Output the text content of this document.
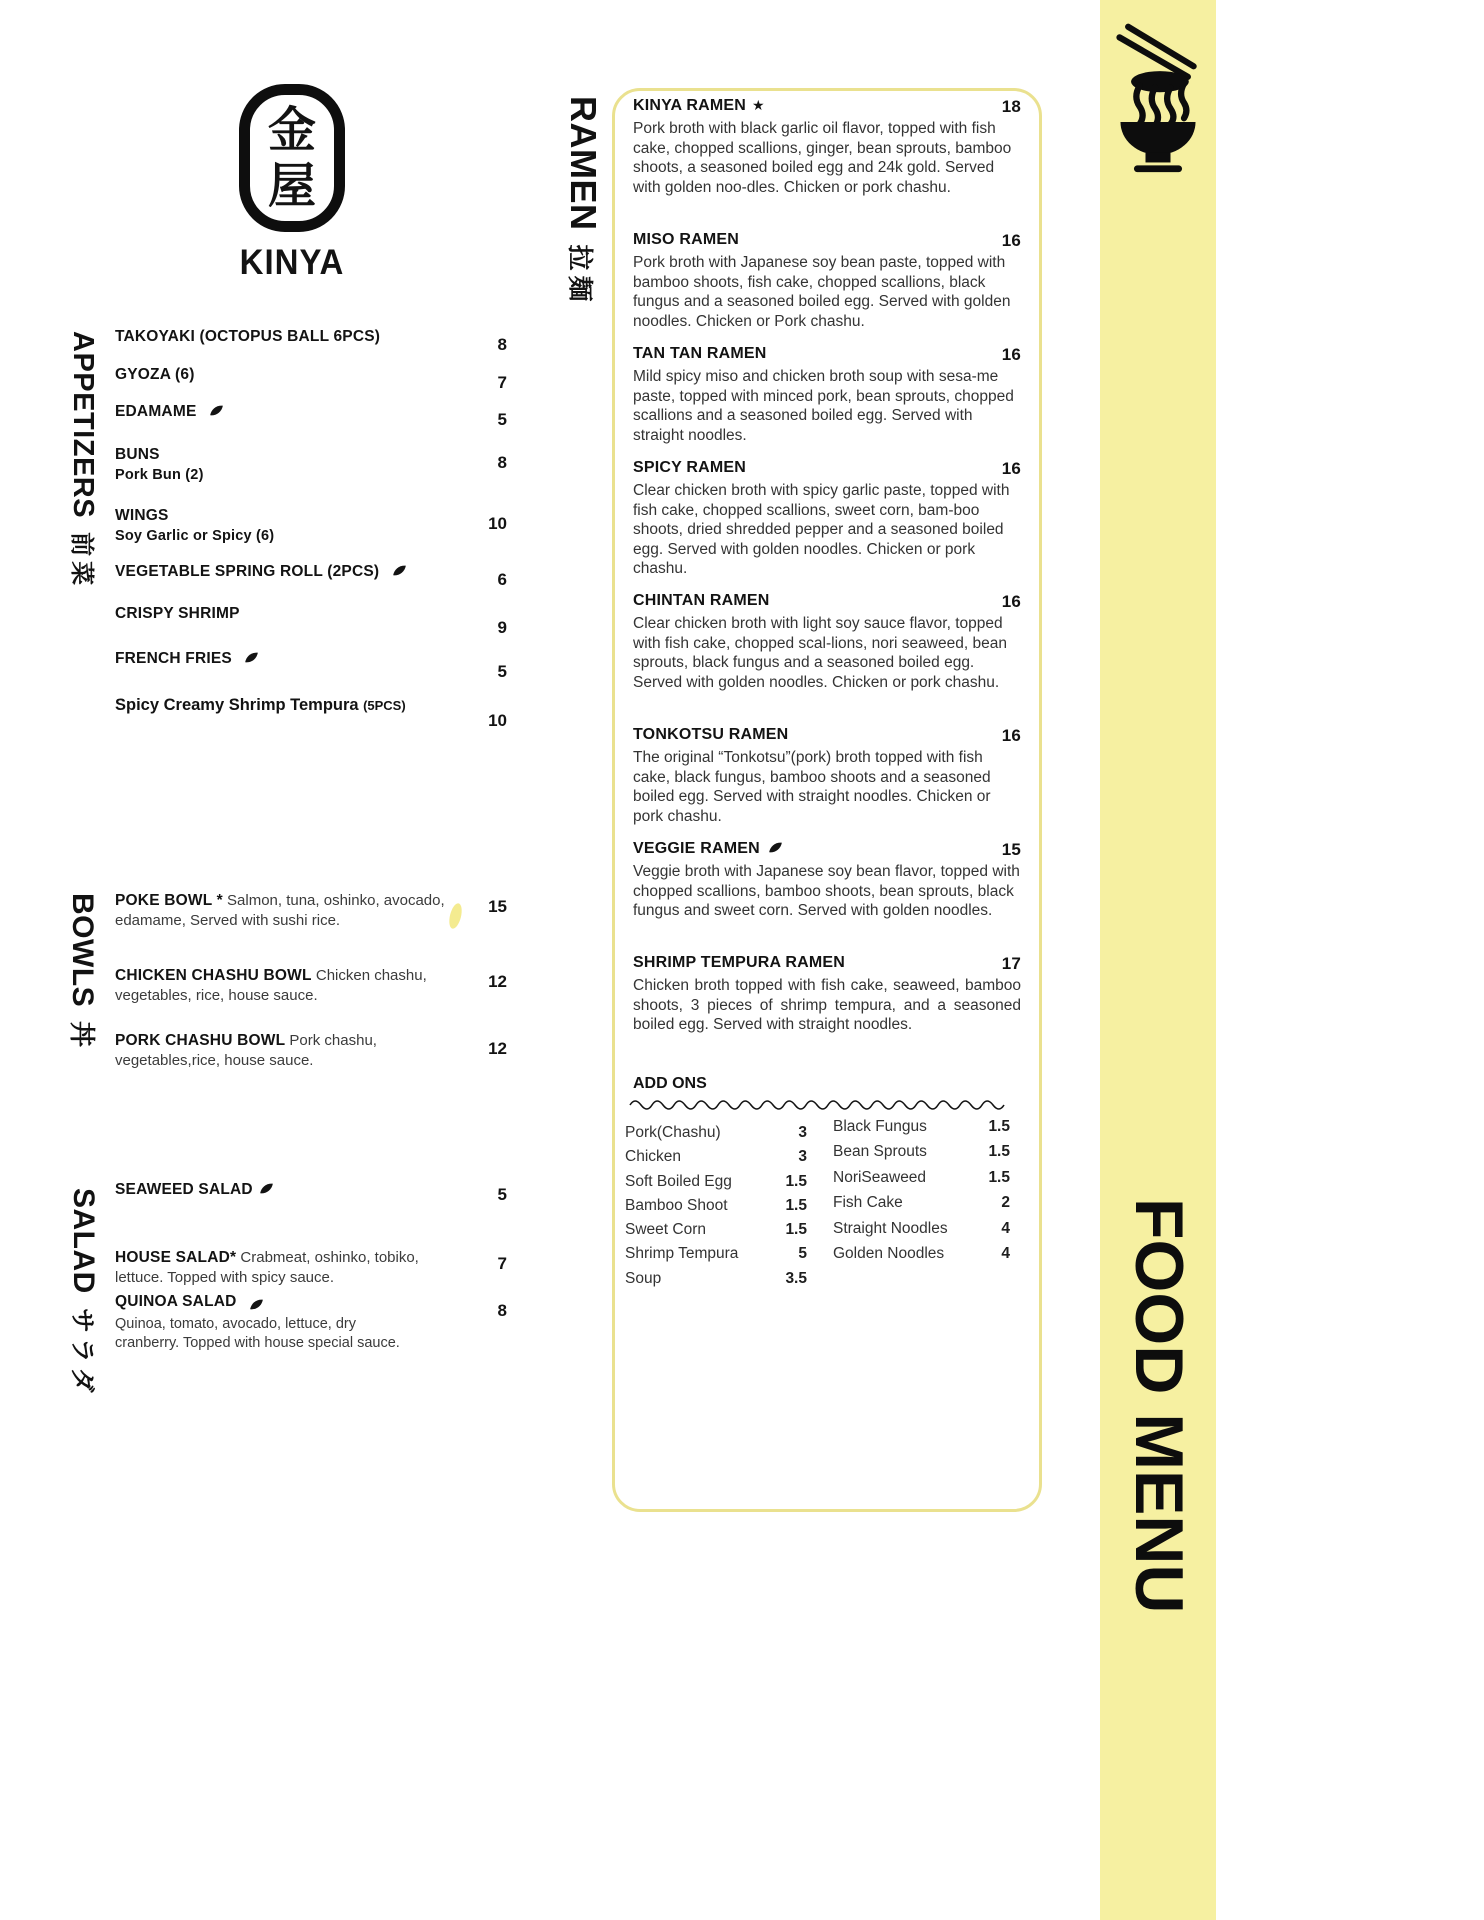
金
屋
KINYA
APPETIZERS前菜
BOWLS丼
SALADサラダ
RAMEN拉麺
TAKOYAKI (OCTOPUS BALL 6PCS)	8
GYOZA (6)	7
EDAMAME	5
BUNS
Pork Bun (2)
8
WINGS
Soy Garlic or Spicy (6)
10
VEGETABLE SPRING ROLL (2PCS)	6
CRISPY SHRIMP
9
FRENCH FRIES
5
Spicy Creamy Shrimp Tempura (5PCS)
10

POKE BOWL * Salmon, tuna, oshinko, avocado, edamame, Served with sushi rice.

15

CHICKEN CHASHU BOWL Chicken chashu, vegetables, rice, house sauce.

12

PORK CHASHU BOWL Pork chashu, vegetables,rice, house sauce.

12
SEAWEED SALAD	5

HOUSE SALAD* Crabmeat, oshinko, tobiko, lettuce. Topped with spicy sauce.

7
QUINOA SALAD
Quinoa, tomato, avocado, lettuce, dry cranberry. Topped with house special sauce.
8
KINYA RAMEN ★	18

Pork broth with black garlic oil flavor, topped with fish cake, chopped scallions, ginger, bean sprouts, bamboo shoots, a seasoned boiled egg and 24k gold. Served with golden noo-dles. Chicken or pork chashu.

MISO RAMEN	16

Pork broth with Japanese soy bean paste, topped with bamboo shoots, fish cake, chopped scallions, black fungus and a seasoned boiled egg. Served with golden noodles. Chicken or Pork chashu.

TAN TAN RAMEN	16

Mild spicy miso and chicken broth soup with sesa-me paste, topped with minced pork, bean sprouts, chopped scallions and a seasoned boiled egg. Served with straight noodles.

SPICY RAMEN	16

Clear chicken broth with spicy garlic paste, topped with fish cake, chopped scallions, sweet corn, bam-boo shoots, dried shredded pepper and a seasoned boiled egg. Served with golden noodles. Chicken or pork chashu.

CHINTAN RAMEN	16

Clear chicken broth with light soy sauce flavor, topped with fish cake, chopped scal-lions, nori seaweed, bean sprouts, black fungus and a seasoned boiled egg. Served with golden noodles. Chicken or pork chashu.

TONKOTSU RAMEN	16

The original “Tonkotsu”(pork) broth topped with fish cake, black fungus, bamboo shoots and a seasoned boiled egg. Served with straight noodles. Chicken or pork chashu.

VEGGIE RAMEN	15

Veggie broth with Japanese soy bean flavor, topped with chopped scallions, bamboo shoots, bean sprouts, black fungus and sweet corn. Served with golden noodles.

SHRIMP TEMPURA RAMEN	17

Chicken broth topped with fish cake, seaweed, bamboo shoots, 3 pieces of shrimp tempura, and a seasoned boiled egg. Served with straight noodles.

ADD ONS
Pork(Chashu)	3
Chicken	3
Soft Boiled Egg	1.5
Bamboo Shoot	1.5
Sweet Corn	1.5
Shrimp Tempura	5
Soup	3.5
Black Fungus	1.5
Bean Sprouts	1.5
NoriSeaweed	1.5
Fish Cake	2
Straight Noodles	4
Golden Noodles	4 FOOD MENU
